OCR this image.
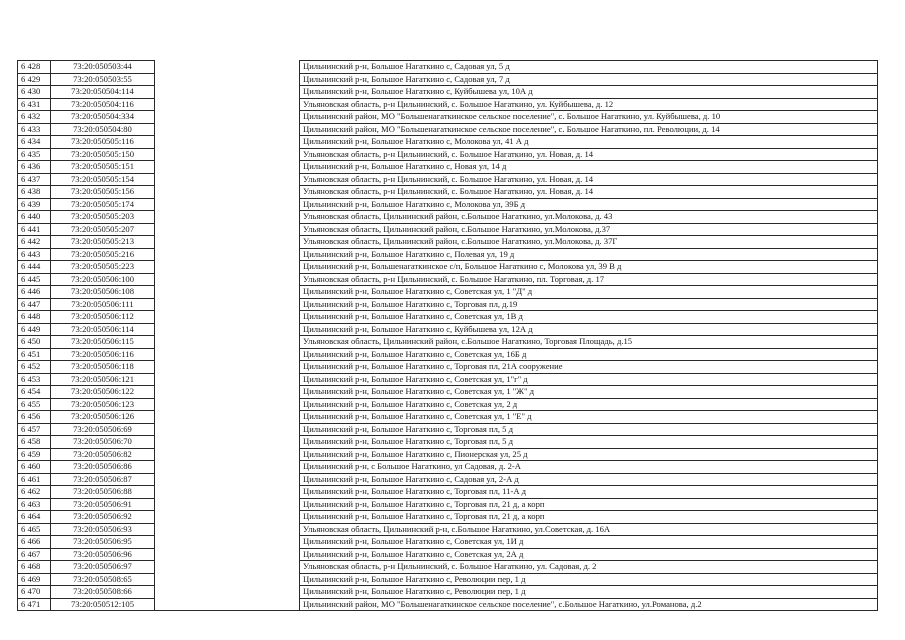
6 428	73:20:050503:44		Цильнинский р-н, Большое Нагаткино с, Садовая ул, 5 д
6 429	73:20:050503:55		Цильнинский р-н, Большое Нагаткино с, Садовая ул, 7 д
6 430	73:20:050504:114		Цильнинский р-н, Большое Нагаткино с, Куйбышева ул, 10А д
6 431	73:20:050504:116		Ульяновская область, р-н Цильнинский, с. Большое Нагаткино, ул. Куйбышева, д. 12
6 432	73:20:050504:334		Цильнинский район, МО "Большенагаткинское сельское поселение", с. Большое Нагаткино, ул. Куйбышева, д. 10
6 433	73:20:050504:80		Цильнинский район, МО "Большенагаткинское сельское поселение", с. Большое Нагаткино, пл. Революции, д. 14
6 434	73:20:050505:116		Цильнинский р-н, Большое Нагаткино с, Молокова ул, 41 А д
6 435	73:20:050505:150		Ульяновская область, р-н Цильнинский, с. Большое Нагаткино, ул. Новая, д. 14
6 436	73:20:050505:151		Цильнинский р-н, Большое Нагаткино с, Новая ул, 14 д
6 437	73:20:050505:154		Ульяновская область, р-н Цильнинский, с. Большое Нагаткино, ул. Новая, д. 14
6 438	73:20:050505:156		Ульяновская область, р-н Цильнинский, с. Большое Нагаткино, ул. Новая, д. 14
6 439	73:20:050505:174		Цильнинский р-н, Большое Нагаткино с, Молокова ул, 39Б д
6 440	73:20:050505:203		Ульяновская область, Цильнинский район, с.Большое Нагаткино, ул.Молокова, д. 43
6 441	73:20:050505:207		Ульяновская область, Цильнинский район, с.Большое Нагаткино, ул.Молокова, д.37
6 442	73:20:050505:213		Ульяновская область, Цильнинский район, с.Большое Нагаткино, ул.Молокова, д. 37Г
6 443	73:20:050505:216		Цильнинский р-н, Большое Нагаткино с, Полевая ул, 19 д
6 444	73:20:050505:223		Цильнинский р-н, Большенагаткинское с/п, Большое Нагаткино с, Молокова ул, 39 В д
6 445	73:20:050506:100		Ульяновская область, р-н Цильнинский, с. Большое Нагаткино, пл. Торговая, д. 17
6 446	73:20:050506:108		Цильнинский р-н, Большое Нагаткино с, Советская ул, 1 "Д" д
6 447	73:20:050506:111		Цильнинский р-н, Большое Нагаткино с, Торговая пл, д.19
6 448	73:20:050506:112		Цильнинский р-н, Большое Нагаткино с, Советская ул, 1В д
6 449	73:20:050506:114		Цильнинский р-н, Большое Нагаткино с, Куйбышева ул, 12А д
6 450	73:20:050506:115		Ульяновская область, Цильнинский район, с.Большое Нагаткино, Торговая Площадь, д.15
6 451	73:20:050506:116		Цильнинский р-н, Большое Нагаткино с, Советская ул, 16Б д
6 452	73:20:050506:118		Цильнинский р-н, Большое Нагаткино с, Торговая пл, 21А сооружение
6 453	73:20:050506:121		Цильнинский р-н, Большое Нагаткино с, Советская ул, 1"г" д
6 454	73:20:050506:122		Цильнинский р-н, Большое Нагаткино с, Советская ул, 1 "Ж" д
6 455	73:20:050506:123		Цильнинский р-н, Большое Нагаткино с, Советская ул, 2 д
6 456	73:20:050506:126		Цильнинский р-н, Большое Нагаткино с, Советская ул, 1 "Е" д
6 457	73:20:050506:69		Цильнинский р-н, Большое Нагаткино с, Торговая пл, 5 д
6 458	73:20:050506:70		Цильнинский р-н, Большое Нагаткино с, Торговая пл, 5 д
6 459	73:20:050506:82		Цильнинский р-н, Большое Нагаткино с, Пионерская ул, 25 д
6 460	73:20:050506:86		Цильнинский р-н, с Большое Нагаткино, ул Садовая, д. 2-А
6 461	73:20:050506:87		Цильнинский р-н, Большое Нагаткино с, Садовая ул, 2-А д
6 462	73:20:050506:88		Цильнинский р-н, Большое Нагаткино с, Торговая пл, 11-А д
6 463	73:20:050506:91		Цильнинский р-н, Большое Нагаткино с, Торговая пл, 21 д, а корп
6 464	73:20:050506:92		Цильнинский р-н, Большое Нагаткино с, Торговая пл, 21 д, а корп
6 465	73:20:050506:93		Ульяновская область, Цильнинский р-н, с.Большое Нагаткино, ул.Советская, д. 16А
6 466	73:20:050506:95		Цильнинский р-н, Большое Нагаткино с, Советская ул, 1И д
6 467	73:20:050506:96		Цильнинский р-н, Большое Нагаткино с, Советская ул, 2А д
6 468	73:20:050506:97		Ульяновская область, р-н Цильнинский, с. Большое Нагаткино, ул. Садовая, д. 2
6 469	73:20:050508:65		Цильнинский р-н, Большое Нагаткино с, Революции пер, 1 д
6 470	73:20:050508:66		Цильнинский р-н, Большое Нагаткино с, Революции пер, 1 д
6 471	73:20:050512:105		Цильнинский район, МО "Большенагаткинское сельское поселение", с.Большое Нагаткино, ул.Романова, д.2
